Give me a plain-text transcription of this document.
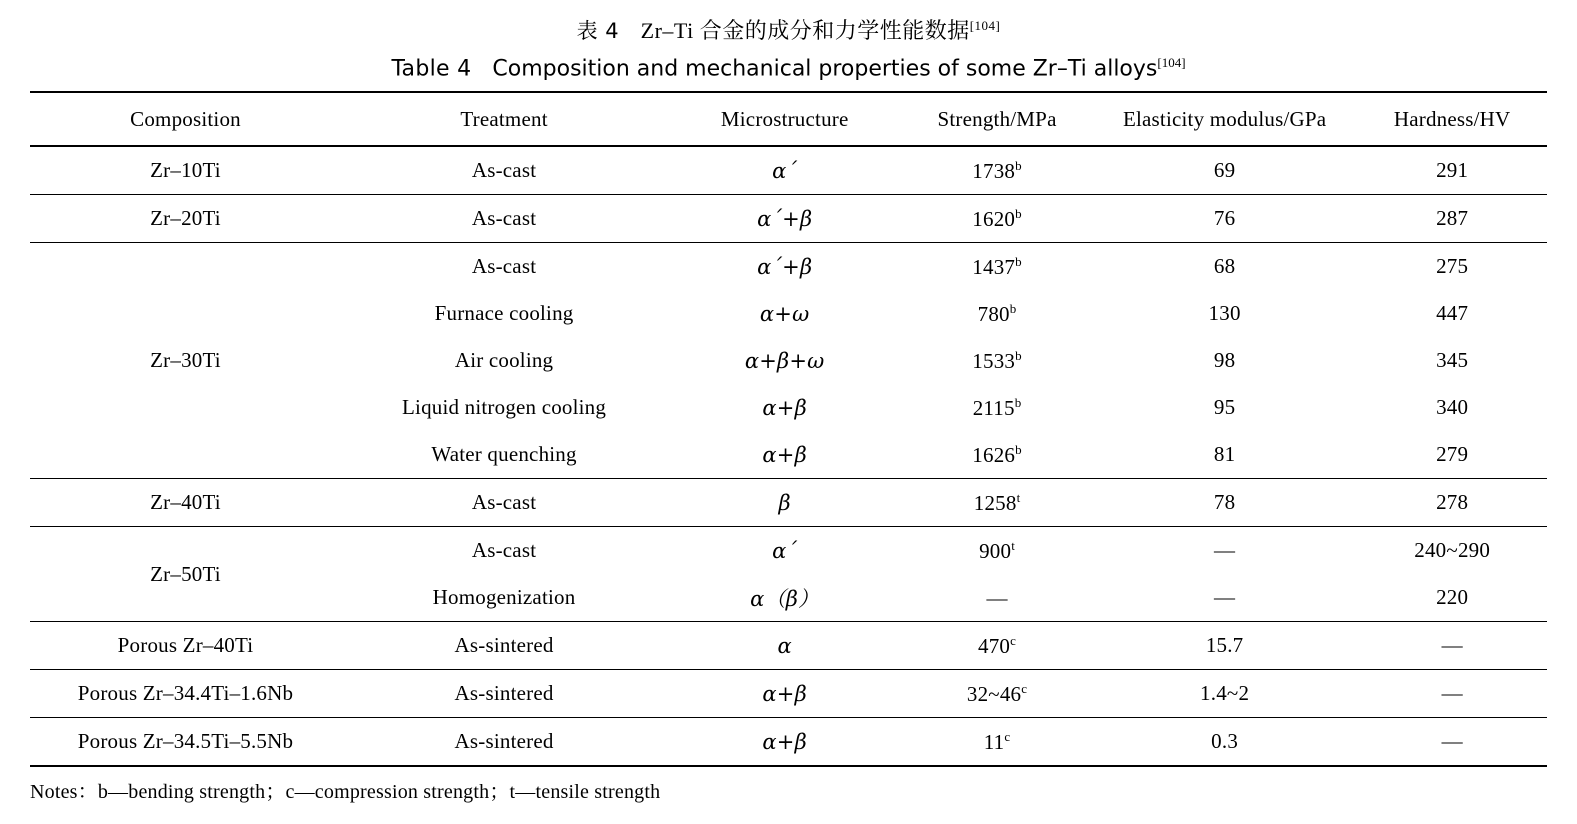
表 4 Zr–Ti 合金的成分和力学性能数据[104]
Table 4 Composition and mechanical properties of some Zr–Ti alloys[104]
Composition	Treatment	Microstructure	Strength/MPa	Elasticity modulus/GPa	Hardness/HV
Zr–10Ti	As-cast	α´	1738$^b$	69	291
Zr–20Ti	As-cast	α´+β	1620$^b$	76	287
Zr–30Ti	As-cast	α´+β	1437$^b$	68	275
	Furnace cooling	α+ω	780$^b$	130	447
	Air cooling	α+β+ω	1533$^b$	98	345
	Liquid nitrogen cooling	α+β	2115$^b$	95	340
	Water quenching	α+β	1626$^b$	81	279
Zr–40Ti	As-cast	β	1258$^t$	78	278
Zr–50Ti	As-cast	α´	900$^t$	—	240~290
	Homogenization	α（β）	—	—	220
Porous Zr–40Ti	As-sintered	α	470$^c$	15.7	—
Porous Zr–34.4Ti–1.6Nb	As-sintered	α+β	32~46$^c$	1.4~2	—
Porous Zr–34.5Ti–5.5Nb	As-sintered	α+β	11$^c$	0.3	—
Notes：b—bending strength；c—compression strength；t—tensile strength
